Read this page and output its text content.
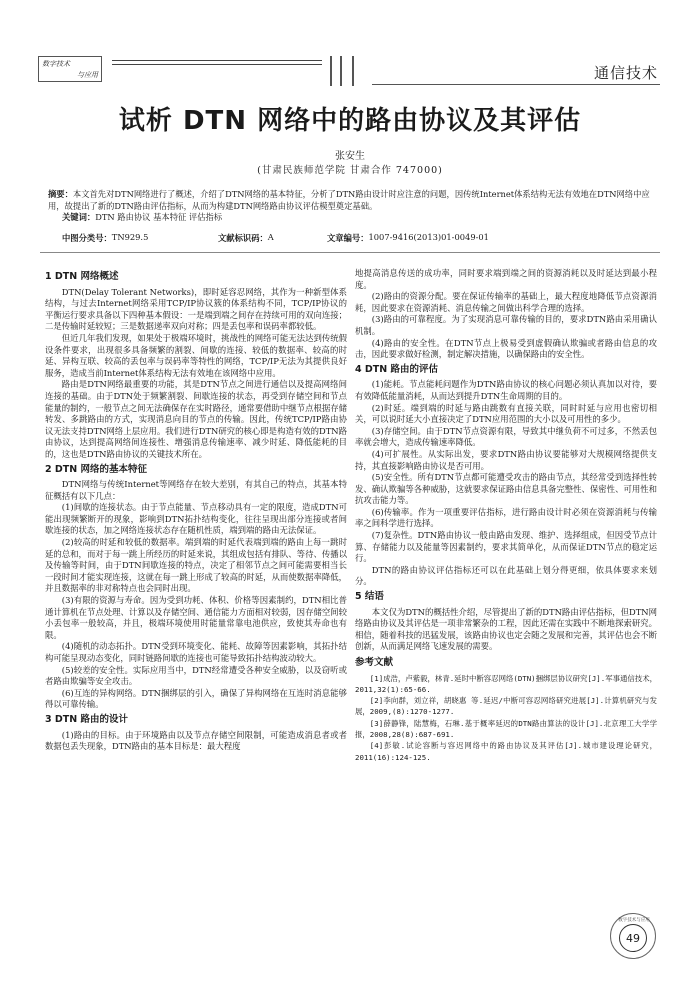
数字技术
与应用	通信技术
试析 DTN 网络中的路由协议及其评估
张安生
(甘肃民族师范学院 甘肃合作 747000)
摘要：本文首先对DTN网络进行了概述，介绍了DTN网络的基本特征，分析了DTN路由设计时应注意的问题，因传统Internet体系结构无法有效地在DTN网络中应用，故提出了新的DTN路由评估指标，从而为构建DTN网络路由协议评估模型奠定基础。
关键词：DTN 路由协议 基本特征 评估指标
中图分类号： TN929.5	文献标识码： A	文章编号： 1007-9416(2013)01-0049-01
1 DTN 网络概述

DTN(Delay Tolerant Networks)，即时延容忍网络，其作为一种新型体系结构，与过去Internet网络采用TCP/IP协议簇的体系结构不同，TCP/IP协议的平衡运行要求具备以下四种基本假设：一是端到端之间存在持续可用的双向连接；二是传输时延较短；三是数据递率双向对称；四是丢包率和误码率都较低。

但近几年我们发现，如果处于极端环境时，挑战性的网络可能无法达到传统假设条件要求，出现很多具备频繁的割裂、间歇的连接、较低的数据率、较高的时延、异构互联、较高的丢包率与误码率等特性的网络，TCP/IP无法为其提供良好服务，造成当前Internet体系结构无法有效地在该网络中应用。

路由是DTN网络最重要的功能，其是DTN节点之间进行通信以及提高网络间连接的基础。由于DTN处于频繁割裂、间歇连接的状态，再受到存储空间和节点能量的制约，一般节点之间无法确保存在实时路径，通常要借助中继节点根据存储转发、多跳路由的方式，实现消息向目的节点的传输。因此，传统TCP/IP路由协议无法支持DTN网络上层应用。我们进行DTN研究的核心即是构造有效的DTN路由协议，达到提高网络间连接性、增强消息传输速率、减少时延、降低能耗的目的，这也是DTN路由协议的关键技术所在。

2 DTN 网络的基本特征

DTN网络与传统Internet等网络存在较大差别，有其自己的特点，其基本特征概括有以下几点：

(1)间歇的连接状态。由于节点能量、节点移动具有一定的限度，造成DTN可能出现频繁断开的现象，影响到DTN拓扑结构变化，往往呈现出部分连接或者间歇连接的状态，加之网络连接状态存在随机性质，端到端的路由无法保证。

(2)较高的时延和较低的数据率。端到端的时延代表端到端的路由上每一跳时延的总和，而对于每一跳上所经历的时延来说，其组成包括有排队、等待、传播以及传输等时间，由于DTN间歇连接的特点，决定了相邻节点之间可能需要相当长一段时间才能实现连接，这就在每一跳上形成了较高的时延，从而使数据率降低，并且数据率的非对称特点也会同时出现。

(3)有限的资源与寿命。因为受到功耗、体积、价格等因素制约，DTN相比普通计算机在节点处理、计算以及存储空间、通信能力方面相对较弱，因存储空间较小丢包率一般较高，并且，极端环境使用时能量常靠电池供应，致使其寿命也有限。

(4)随机的动态拓扑。DTN受到环境变化、能耗、故障等因素影响，其拓扑结构可能呈现动态变化，同时链路间歇的连接也可能导致拓扑结构波动较大。

(5)较差的安全性。实际应用当中，DTN经常遭受各种安全威胁，以及窃听或者路由欺骗等安全攻击。

(6)互连的异构网络。DTN捆绑层的引入，确保了异构网络在互连时消息能够得以可靠传输。

3 DTN 路由的设计

(1)路由的目标。由于环境路由以及节点存储空间限制，可能造成消息者或者数据包丢失现象，DTN路由的基本目标是：最大程度

地提高消息传送的成功率，同时要求端到端之间的资源消耗以及时延达到最小程度。

(2)路由的资源分配。要在保证传输率的基础上，最大程度地降低节点资源消耗，因此要求在资源消耗、消息传输之间做出科学合理的选择。

(3)路由的可靠程度。为了实现消息可靠传输的目的，要求DTN路由采用确认机制。

(4)路由的安全性。在DTN节点上极易受到虚假确认欺骗或者路由信息的攻击，因此要求做好检测，制定解决措施，以确保路由的安全性。

4 DTN 路由的评估

(1)能耗。节点能耗问题作为DTN路由协议的核心问题必须认真加以对待，要有效降低能量消耗，从而达到提升DTN生命周期的目的。

(2)时延。端到端的时延与路由跳数有直接关联，同时时延与应用也密切相关，可以说时延大小直接决定了DTN应用范围的大小以及可用性的多少。

(3)存储空间。由于DTN节点资源有限，导致其中继负荷不可过多，不然丢包率就会增大，造成传输速率降低。

(4)可扩展性。从实际出发，要求DTN路由协议要能够对大规模网络提供支持，其直接影响路由协议是否可用。

(5)安全性。所有DTN节点都可能遭受攻击的路由节点，其经常受到选择性转发、确认欺骗等各种威胁，这就要求保证路由信息具备完整性、保密性、可用性和抗攻击能力等。

(6)传输率。作为一项重要评估指标，进行路由设计时必须在资源消耗与传输率之间科学进行选择。

(7)复杂性。DTN路由协议一般由路由发现、维护、选择组成，但因受节点计算、存储能力以及能量等因素制约，要求其简单化，从而保证DTN节点的稳定运行。

DTN的路由协议评估指标还可以在此基础上划分得更细，依具体要求来划分。

5 结语

本文仅为DTN的概括性介绍，尽管提出了新的DTN路由评估指标，但DTN网络路由协议及其评估是一项非常繁杂的工程，因此还需在实践中不断地探索研究。相信，随着科技的迅猛发展，该路由协议也定会随之发展和完善，其评估也会不断创新，从而满足网络飞速发展的需要。

参考文献

[1]成浩，卢紫毅，林青.延时中断容忍网络(DTN)捆绑层协议研究[J].军事通信技术，2011,32(1):65-66.

[2]李向群，刘立祥，胡晓惠 等.延迟/中断可容忍网络研究进展[J].计算机研究与发展，2009,(8):1270-1277.

[3]薛静锋，陆慧梅，石琳.基于概率延迟的DTN路由算法的设计[J].北京理工大学学报，2008,28(8):687-691.

[4]彭敏.试论容断与容迟网络中的路由协议及其评估[J].城市建设理论研究，2011(16):124-125.

数字技术与应用
49
